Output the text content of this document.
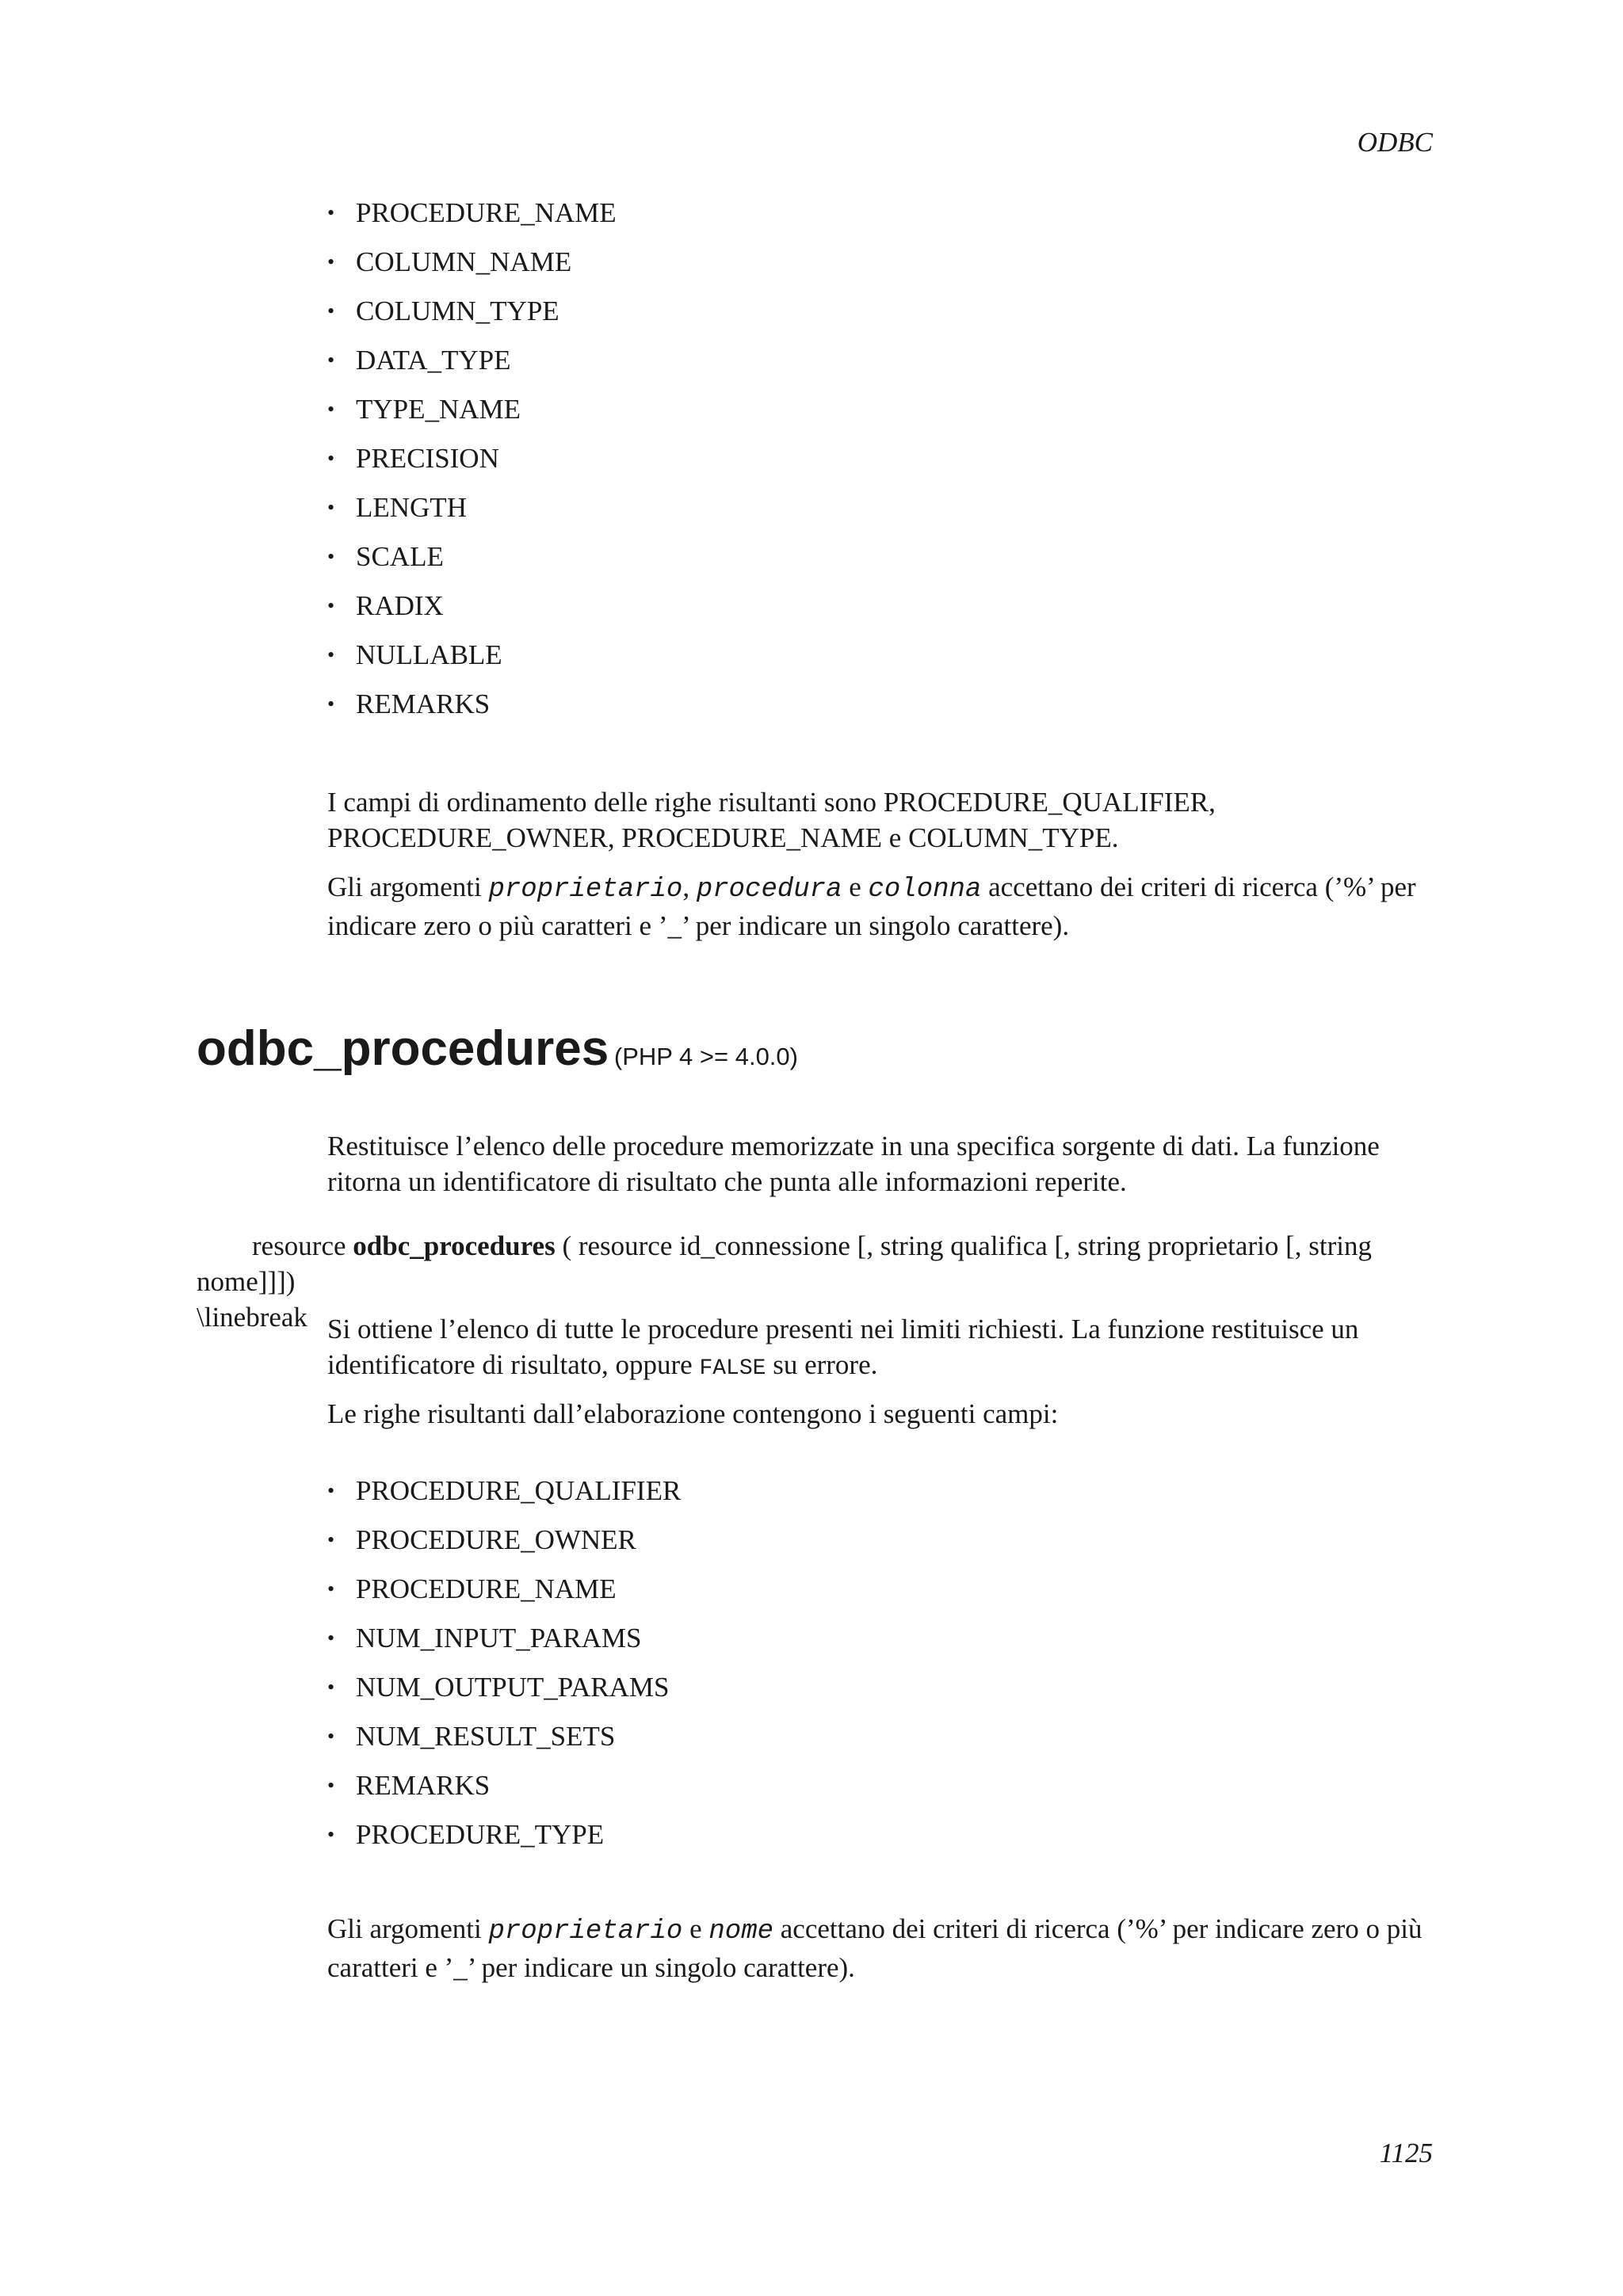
ODBC
• PROCEDURE_NAME
• COLUMN_NAME
• COLUMN_TYPE
• DATA_TYPE
• TYPE_NAME
• PRECISION
• LENGTH
• SCALE
• RADIX
• NULLABLE
• REMARKS

I campi di ordinamento delle righe risultanti sono PROCEDURE_QUALIFIER, PROCEDURE_OWNER, PROCEDURE_NAME e COLUMN_TYPE.

Gli argomenti proprietario, procedura e colonna accettano dei criteri di ricerca (’%’ per indicare zero o più caratteri e ’_’ per indicare un singolo carattere).

odbc_procedures (PHP 4 >= 4.0.0)

Restituisce l’elenco delle procedure memorizzate in una specifica sorgente di dati. La funzione ritorna un identificatore di risultato che punta alle informazioni reperite.

resource odbc_procedures ( resource id_connessione [, string qualifica [, string proprietario [, string nome]]])
\linebreak Si ottiene l’elenco di tutte le procedure presenti nei limiti richiesti. La funzione restituisce un identificatore di risultato, oppure FALSE su errore.

Le righe risultanti dall’elaborazione contengono i seguenti campi:

• PROCEDURE_QUALIFIER
• PROCEDURE_OWNER
• PROCEDURE_NAME
• NUM_INPUT_PARAMS
• NUM_OUTPUT_PARAMS
• NUM_RESULT_SETS
• REMARKS
• PROCEDURE_TYPE

Gli argomenti proprietario e nome accettano dei criteri di ricerca (’%’ per indicare zero o più caratteri e ’_’ per indicare un singolo carattere).

1125
